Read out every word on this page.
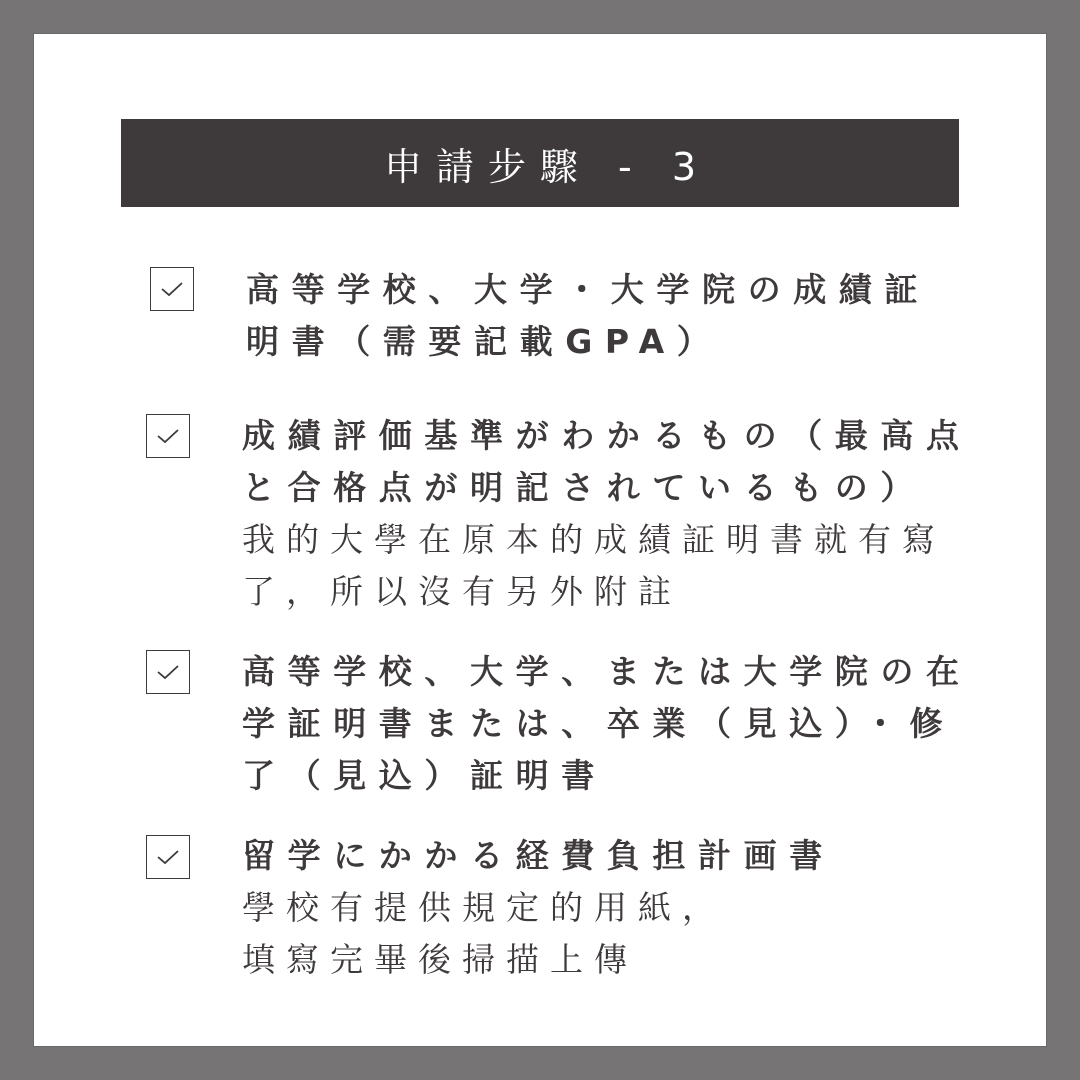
申請步驟 - 3
高等学校、大学・大学院の成績証
明書（需要記載GPA）
成績評価基準がわかるもの（最高点
と合格点が明記されているもの）
我的大學在原本的成績証明書就有寫
了，所以沒有另外附註
高等学校、大学、または大学院の在
学証明書または、卒業（見込）・修
了（見込）証明書
留学にかかる経費負担計画書
學校有提供規定的用紙，
填寫完畢後掃描上傳
